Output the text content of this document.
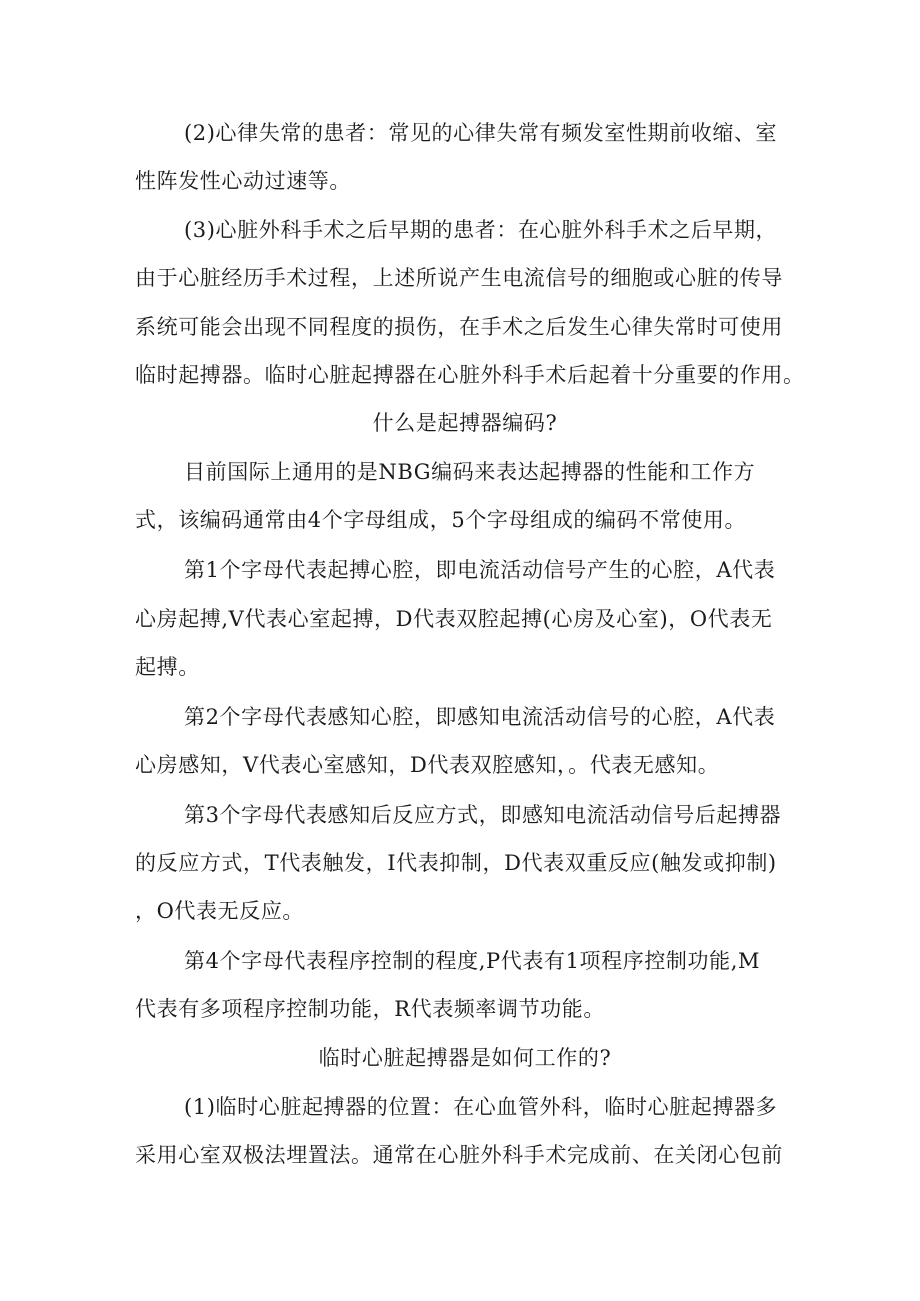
(2)心律失常的患者：常见的心律失常有频发室性期前收缩、室
性阵发性心动过速等。
(3)心脏外科手术之后早期的患者：在心脏外科手术之后早期，
由于心脏经历手术过程，上述所说产生电流信号的细胞或心脏的传导
系统可能会出现不同程度的损伤，在手术之后发生心律失常时可使用
临时起搏器。临时心脏起搏器在心脏外科手术后起着十分重要的作用。
什么是起搏器编码?
目前国际上通用的是NBG编码来表达起搏器的性能和工作方
式，该编码通常由4个字母组成，5个字母组成的编码不常使用。
第1个字母代表起搏心腔，即电流活动信号产生的心腔，A代表
心房起搏,V代表心室起搏，D代表双腔起搏(心房及心室)，O代表无
起搏。
第2个字母代表感知心腔，即感知电流活动信号的心腔，A代表
心房感知，V代表心室感知，D代表双腔感知，。代表无感知。
第3个字母代表感知后反应方式，即感知电流活动信号后起搏器
的反应方式，T代表触发，I代表抑制，D代表双重反应(触发或抑制)
，O代表无反应。
第4个字母代表程序控制的程度,P代表有1项程序控制功能,M
代表有多项程序控制功能，R代表频率调节功能。
临时心脏起搏器是如何工作的?
(1)临时心脏起搏器的位置：在心血管外科，临时心脏起搏器多
采用心室双极法埋置法。通常在心脏外科手术完成前、在关闭心包前
